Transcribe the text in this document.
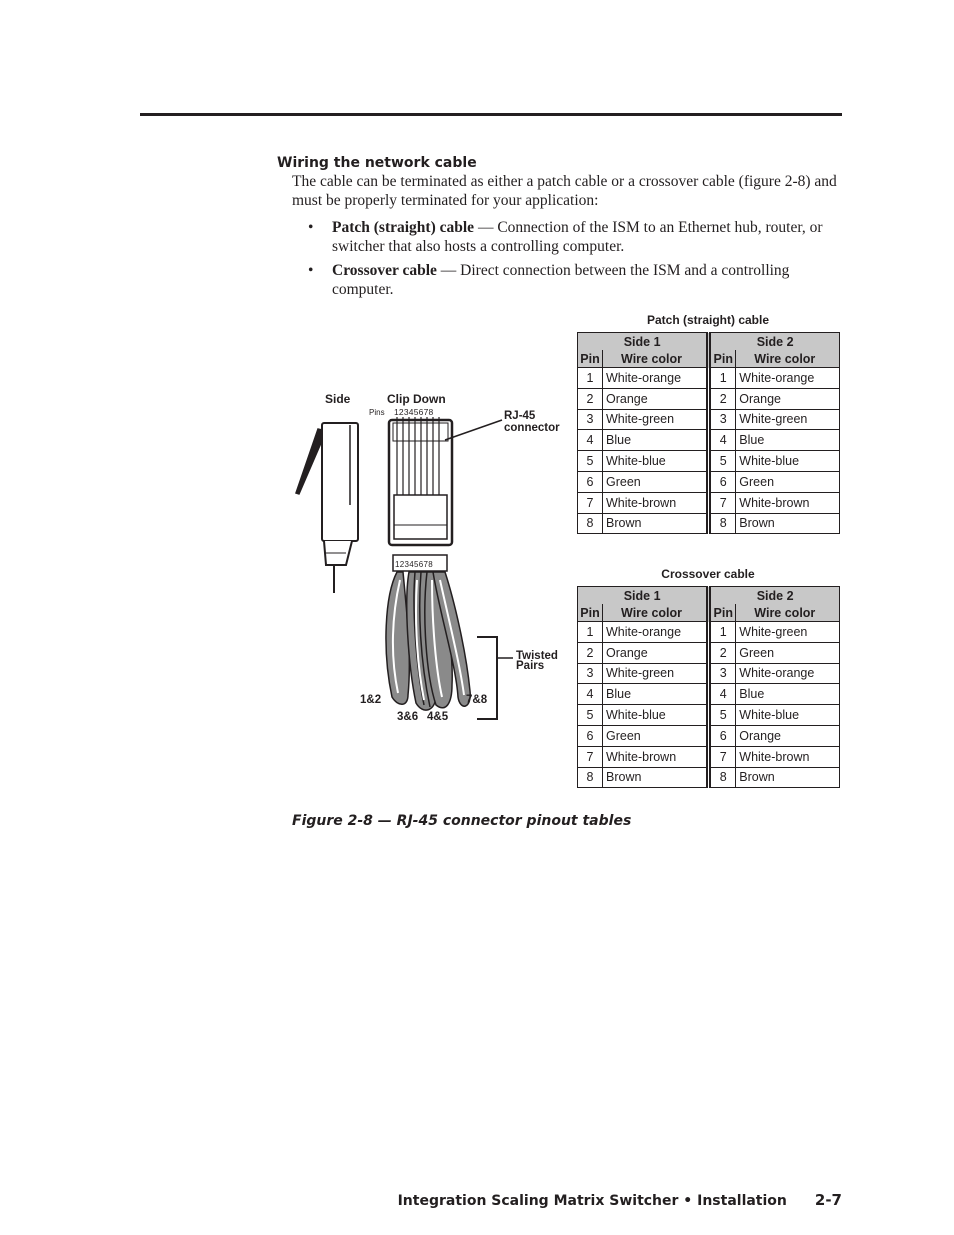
Wiring the network cable
The cable can be terminated as either a patch cable or a crossover cable (figure 2-8) and must be properly terminated for your application:
• Patch (straight) cable — Connection of the ISM to an Ethernet hub, router, or switcher that also hosts a controlling computer.
• Crossover cable — Direct connection between the ISM and a controlling computer.
Side	Clip Down
Pins 12345678	RJ-45
connector
12345678
1&2
3&6 4&5
7&8
Twisted
Pairs
Patch (straight) cable
Side 1		Side 2	
Pin	Wire color	Pin	Wire color
1	White-orange	1	White-orange
2	Orange	2	Orange
3	White-green	3	White-green
4	Blue	4	Blue
5	White-blue	5	White-blue
6	Green	6	Green
7	White-brown	7	White-brown
8	Brown	8	Brown
Crossover cable
Side 1		Side 2	
Pin	Wire color	Pin	Wire color
1	White-orange	1	White-green
2	Orange	2	Green
3	White-green	3	White-orange
4	Blue	4	Blue
5	White-blue	5	White-blue
6	Green	6	Orange
7	White-brown	7	White-brown
8	Brown	8	Brown
Figure 2-8 — RJ-45 connector pinout tables
Integration Scaling Matrix Switcher • Installation 2-7
